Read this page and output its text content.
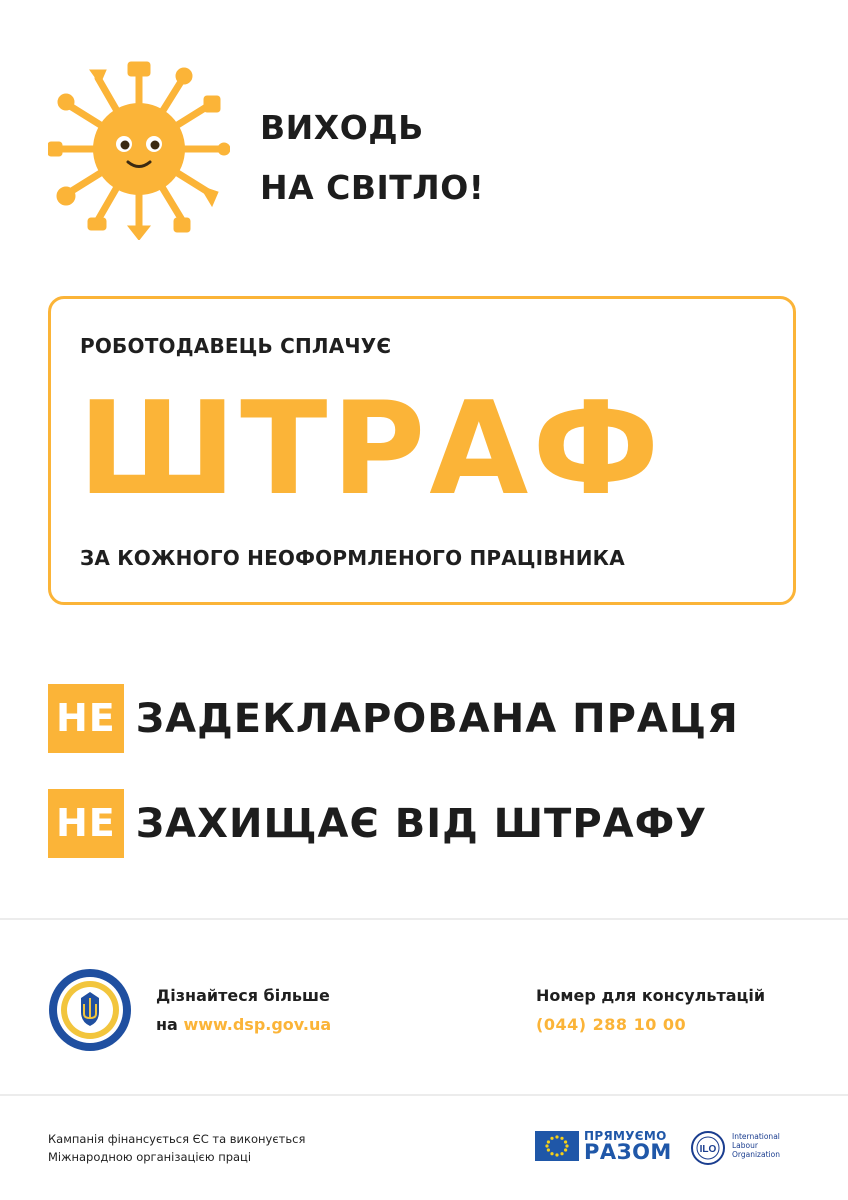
ВИХОДЬ
НА СВІТЛО!
РОБОТОДАВЕЦЬ СПЛАЧУЄ
ШТРАФ
ЗА КОЖНОГО НЕОФОРМЛЕНОГО ПРАЦІВНИКА
НЕ ЗАДЕКЛАРОВАНА ПРАЦЯ
НЕ ЗАХИЩАЄ ВІД ШТРАФУ
Дізнайтеся більше
на www.dsp.gov.ua
Номер для консультацій
(044) 288 10 00
Кампанія фінансується ЄС та виконується
Міжнародною організацією праці
ПРЯМУЄМО
РАЗОМ	ILO
International
Labour
Organization
